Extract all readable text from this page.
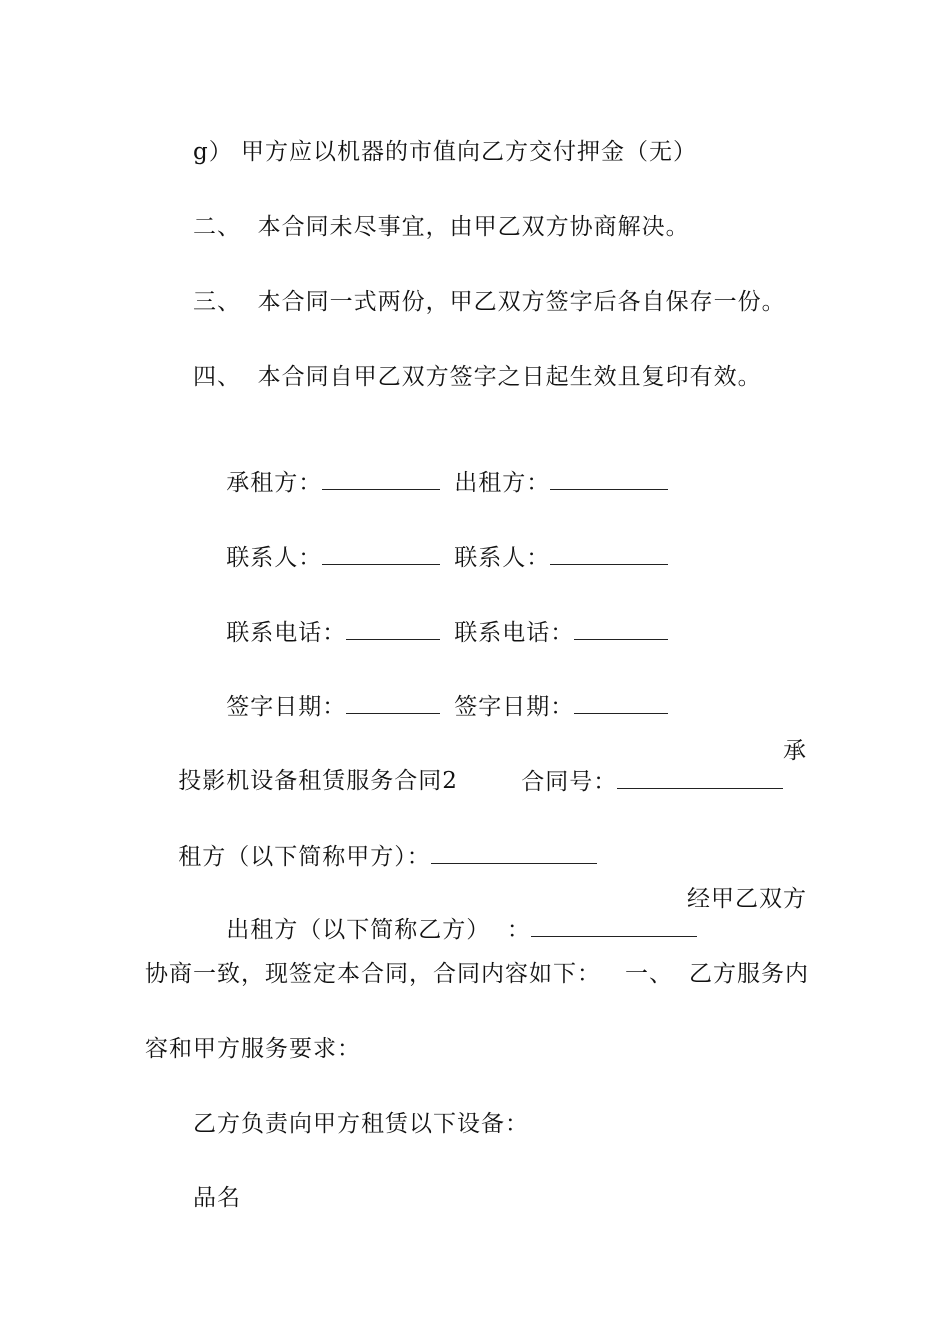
g） 甲方应以机器的市值向乙方交付押金（无）
二、  本合同未尽事宜，由甲乙双方协商解决。
三、  本合同一式两份，甲乙双方签字后各自保存一份。
四、  本合同自甲乙双方签字之日起生效且复印有效。

承租方：	出租方：

联系人：	联系人：

联系电话：	联系电话：

签字日期：	签字日期：

投影机设备租赁服务合同2
	合同号：

承

租方（以下简称甲方）：

出租方（以下简称乙方）  ：

经甲乙双方
协商一致，现签定本合同，合同内容如下： 一、 乙方服务内
容和甲方服务要求：
乙方负责向甲方租赁以下设备：
品名
